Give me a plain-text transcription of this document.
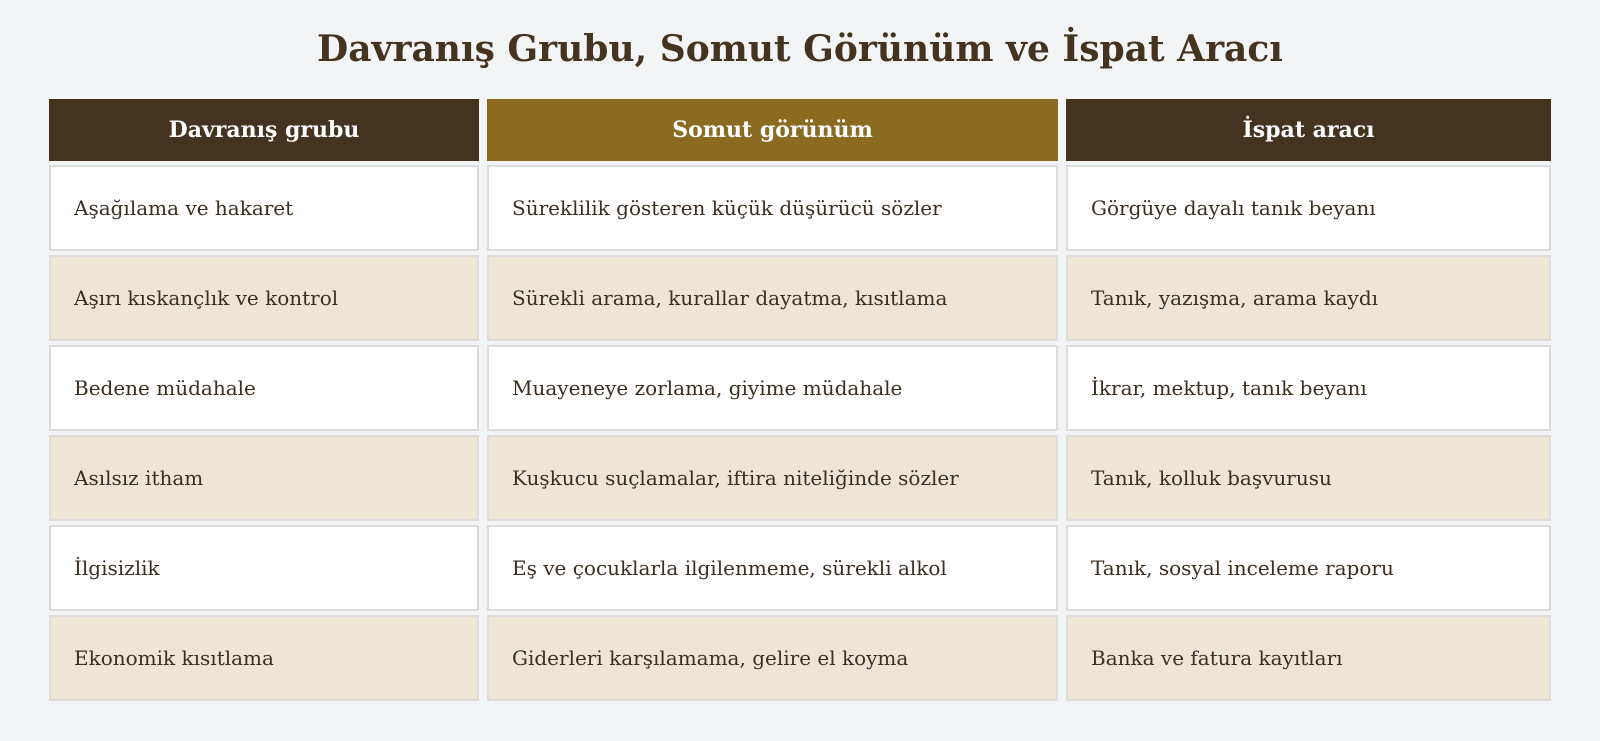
Davranış Grubu, Somut Görünüm ve İspat Aracı
Davranış grubu	Somut görünüm	İspat aracı
Aşağılama ve hakaret	Süreklilik gösteren küçük düşürücü sözler	Görgüye dayalı tanık beyanı
Aşırı kıskançlık ve kontrol	Sürekli arama, kurallar dayatma, kısıtlama	Tanık, yazışma, arama kaydı
Bedene müdahale	Muayeneye zorlama, giyime müdahale	İkrar, mektup, tanık beyanı
Asılsız itham	Kuşkucu suçlamalar, iftira niteliğinde sözler	Tanık, kolluk başvurusu
İlgisizlik	Eş ve çocuklarla ilgilenmeme, sürekli alkol	Tanık, sosyal inceleme raporu
Ekonomik kısıtlama	Giderleri karşılamama, gelire el koyma	Banka ve fatura kayıtları
